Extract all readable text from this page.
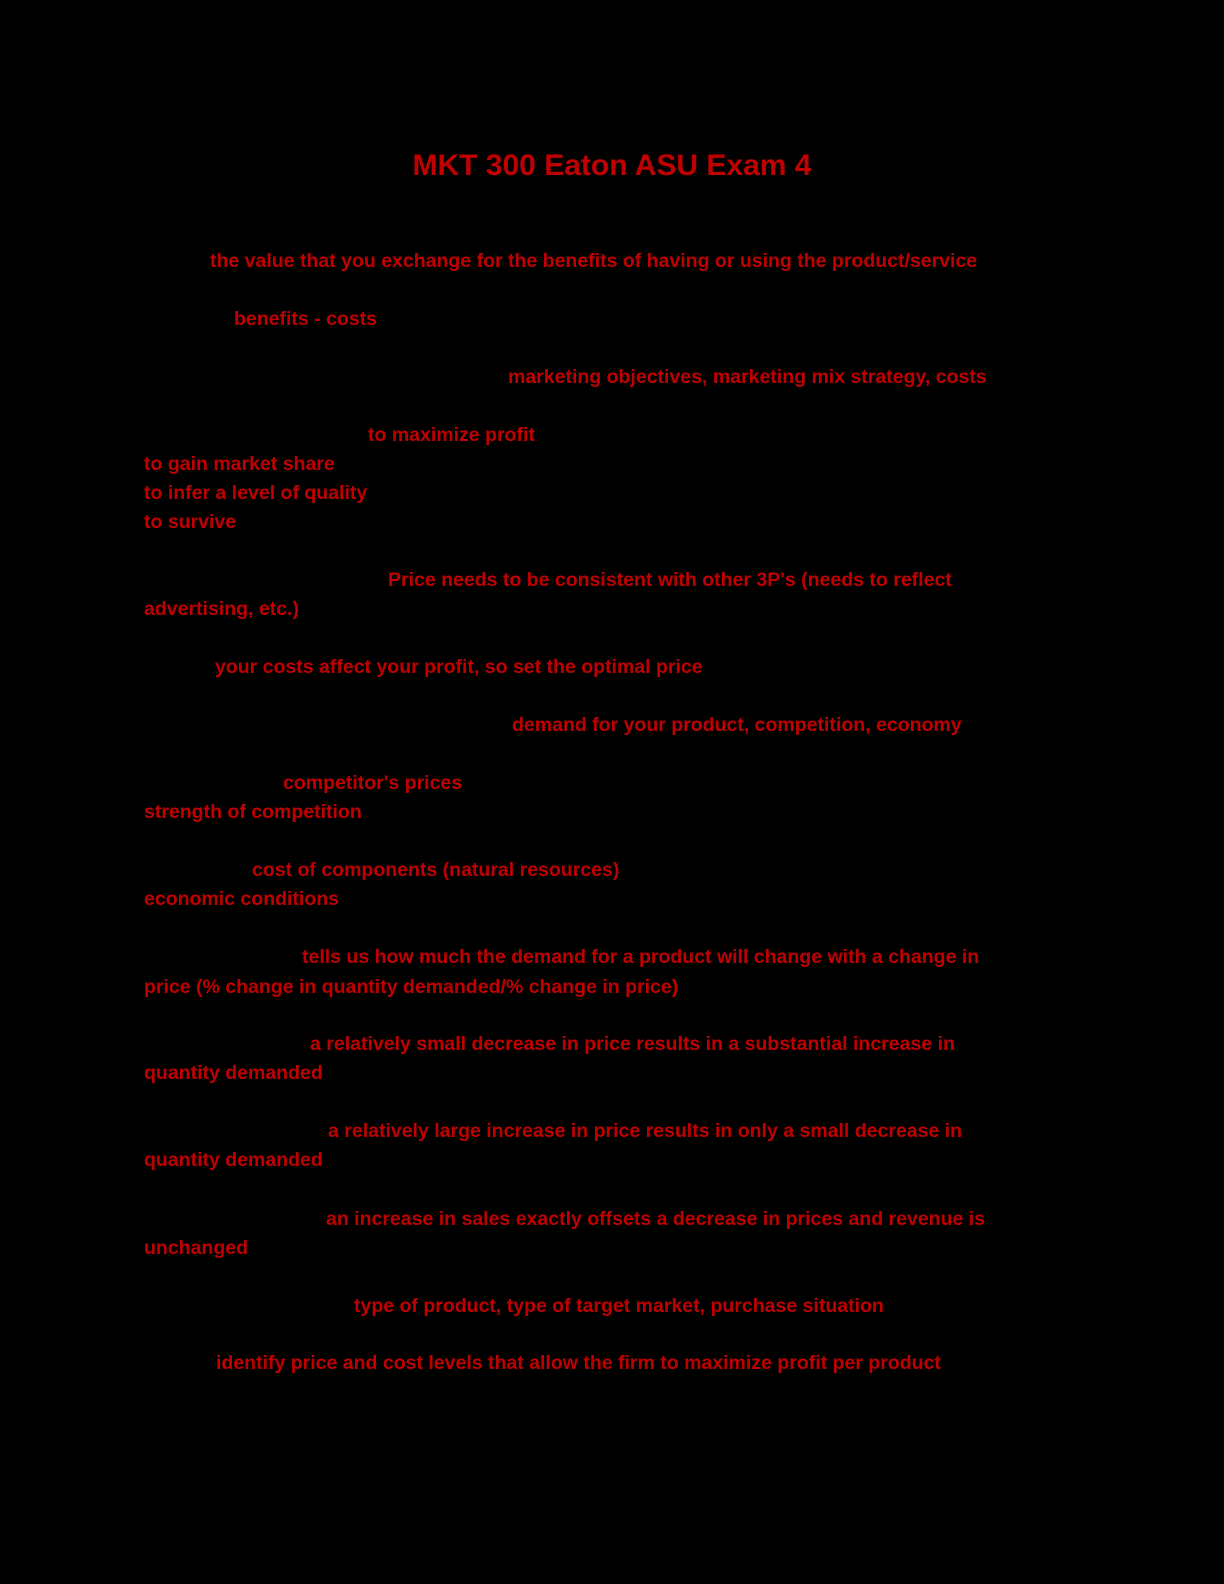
MKT 300 Eaton ASU Exam 4

the value that you exchange for the benefits of having or using the product/service

benefits - costs

marketing objectives, marketing mix strategy, costs

to maximize profit

to gain market share

to infer a level of quality

to survive

Price needs to be consistent with other 3P's (needs to reflect

advertising, etc.)

your costs affect your profit, so set the optimal price

demand for your product, competition, economy

competitor's prices

strength of competition

cost of components (natural resources)

economic conditions

tells us how much the demand for a product will change with a change in

price (% change in quantity demanded/% change in price)

a relatively small decrease in price results in a substantial increase in

quantity demanded

a relatively large increase in price results in only a small decrease in

quantity demanded

an increase in sales exactly offsets a decrease in prices and revenue is

unchanged

type of product, type of target market, purchase situation

identify price and cost levels that allow the firm to maximize profit per product
